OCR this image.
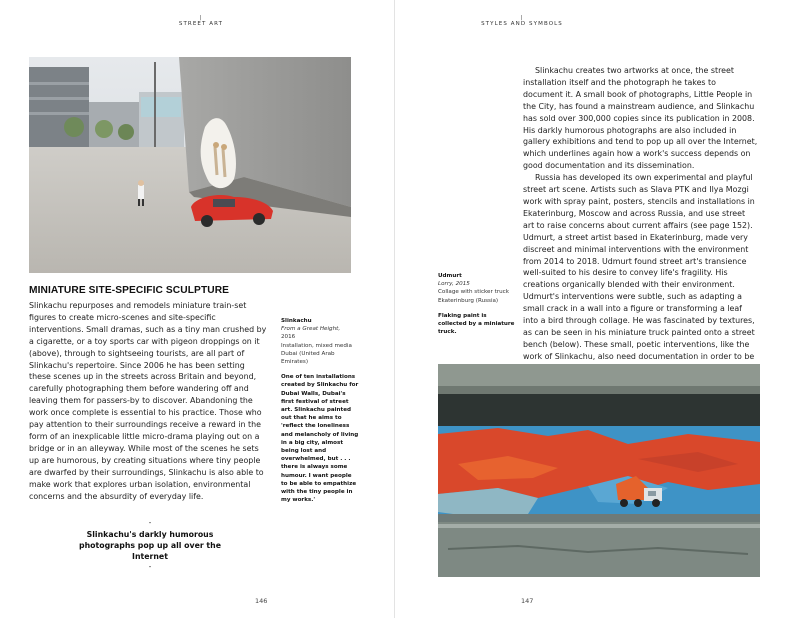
|
STREET ART
MINIATURE SITE-SPECIFIC SCULPTURE

Slinkachu repurposes and remodels miniature train-set figures to create micro-scenes and site-specific interventions. Small dramas, such as a tiny man crushed by a cigarette, or a toy sports car with pigeon droppings on it (above), through to sightseeing tourists, are all part of Slinkachu's repertoire. Since 2006 he has been setting these scenes up in the streets across Britain and beyond, carefully photographing them before wandering off and leaving them for passers-by to discover. Abandoning the work once complete is essential to his practice. Those who pay attention to their surroundings receive a reward in the form of an inexplicable little micro-drama playing out on a bridge or in an alleyway. While most of the scenes he sets up are humorous, by creating situations where tiny people are dwarfed by their surroundings, Slinkachu is also able to make work that explores urban isolation, environmental concerns and the absurdity of everyday life.

-
Slinkachu's darkly humorous photographs pop up all over the Internet
-
Slinkachu
From a Great Height,
2016
Installation, mixed media
Dubai (United Arab Emirates)
One of ten installations created by Slinkachu for Dubai Walls, Dubai's first festival of street art. Slinkachu painted out that he aims to 'reflect the loneliness and melancholy of living in a big city, almost being lost and overwhelmed, but . . . there is always some humour. I want people to be able to empathize with the tiny people in my works.'
146
|
STYLES AND SYMBOLS

Slinkachu creates two artworks at once, the street installation itself and the photograph he takes to document it. A small book of photographs, Little People in the City, has found a mainstream audience, and Slinkachu has sold over 300,000 copies since its publication in 2008. His darkly humorous photographs are also included in gallery exhibitions and tend to pop up all over the Internet, which underlines again how a work's success depends on good documentation and its dissemination.

Russia has developed its own experimental and playful street art scene. Artists such as Slava PTK and Ilya Mozgi work with spray paint, posters, stencils and installations in Ekaterinburg, Moscow and across Russia, and use street art to raise concerns about current affairs (see page 152). Udmurt, a street artist based in Ekaterinburg, made very discreet and minimal interventions with the environment from 2014 to 2018. Udmurt found street art's transience well-suited to his desire to convey life's fragility. His creations organically blended with their environment. Udmurt's interventions were subtle, such as adapting a small crack in a wall into a figure or transforming a leaf into a bird through collage. He was fascinated by textures, as can be seen in his miniature truck painted onto a street bench (below). These small, poetic interventions, like the work of Slinkachu, also need documentation in order to be

Udmurt
Lorry, 2015
Collage with sticker truck
Ekaterinburg (Russia)
Flaking paint is collected by a miniature truck.
147
